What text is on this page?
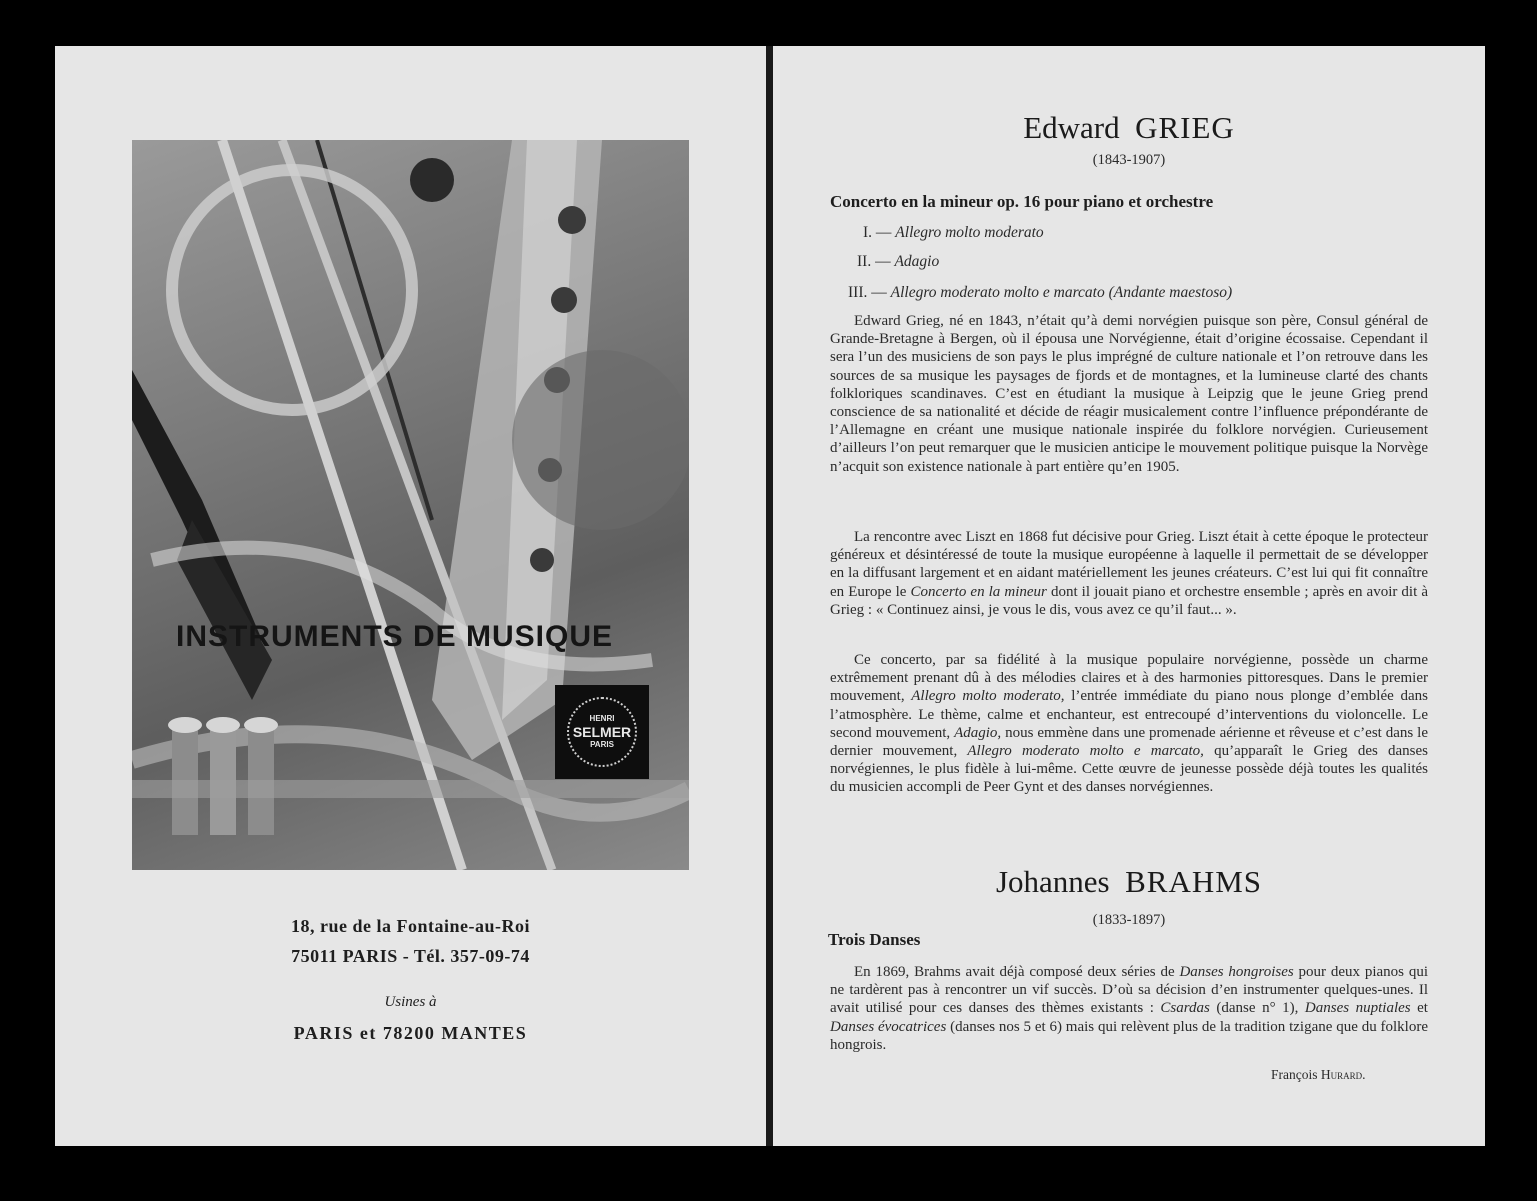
INSTRUMENTS DE MUSIQUE
HENRI
SELMER
PARIS
18, rue de la Fontaine-au-Roi
75011 PARIS - Tél. 357-09-74
Usines à
PARIS et 78200 MANTES
Edward GRIEG
(1843-1907)
Concerto en la mineur op. 16 pour piano et orchestre
I. — Allegro molto moderato
II. — Adagio
III. — Allegro moderato molto e marcato (Andante maestoso)

Edward Grieg, né en 1843, n’était qu’à demi norvégien puisque son père, Consul général de Grande-Bretagne à Bergen, où il épousa une Norvégienne, était d’origine écossaise. Cependant il sera l’un des musiciens de son pays le plus imprégné de culture nationale et l’on retrouve dans les sources de sa musique les paysages de fjords et de montagnes, et la lumineuse clarté des chants folkloriques scandinaves. C’est en étudiant la musique à Leipzig que le jeune Grieg prend conscience de sa nationalité et décide de réagir musicalement contre l’influence prépondérante de l’Allemagne en créant une musique nationale inspirée du folklore norvégien. Curieusement d’ailleurs l’on peut remarquer que le musicien anticipe le mouvement politique puisque la Norvège n’acquit son existence nationale à part entière qu’en 1905.

La rencontre avec Liszt en 1868 fut décisive pour Grieg. Liszt était à cette époque le protecteur généreux et désintéressé de toute la musique européenne à laquelle il permettait de se développer en la diffusant largement et en aidant matériellement les jeunes créateurs. C’est lui qui fit connaître en Europe le Concerto en la mineur dont il jouait piano et orchestre ensemble ; après en avoir dit à Grieg : « Continuez ainsi, je vous le dis, vous avez ce qu’il faut... ».

Ce concerto, par sa fidélité à la musique populaire norvégienne, possède un charme extrêmement prenant dû à des mélodies claires et à des harmonies pittoresques. Dans le premier mouvement, Allegro molto moderato, l’entrée immédiate du piano nous plonge d’emblée dans l’atmosphère. Le thème, calme et enchanteur, est entrecoupé d’interventions du violoncelle. Le second mouvement, Adagio, nous emmène dans une promenade aérienne et rêveuse et c’est dans le dernier mouvement, Allegro moderato molto e marcato, qu’apparaît le Grieg des danses norvégiennes, le plus fidèle à lui-même. Cette œuvre de jeunesse possède déjà toutes les qualités du musicien accompli de Peer Gynt et des danses norvégiennes.

Johannes BRAHMS
(1833-1897)
Trois Danses

En 1869, Brahms avait déjà composé deux séries de Danses hongroises pour deux pianos qui ne tardèrent pas à rencontrer un vif succès. D’où sa décision d’en instrumenter quelques-unes. Il avait utilisé pour ces danses des thèmes existants : Csardas (danse n° 1), Danses nuptiales et Danses évocatrices (danses nos 5 et 6) mais qui relèvent plus de la tradition tzigane que du folklore hongrois.

François Hurard.
